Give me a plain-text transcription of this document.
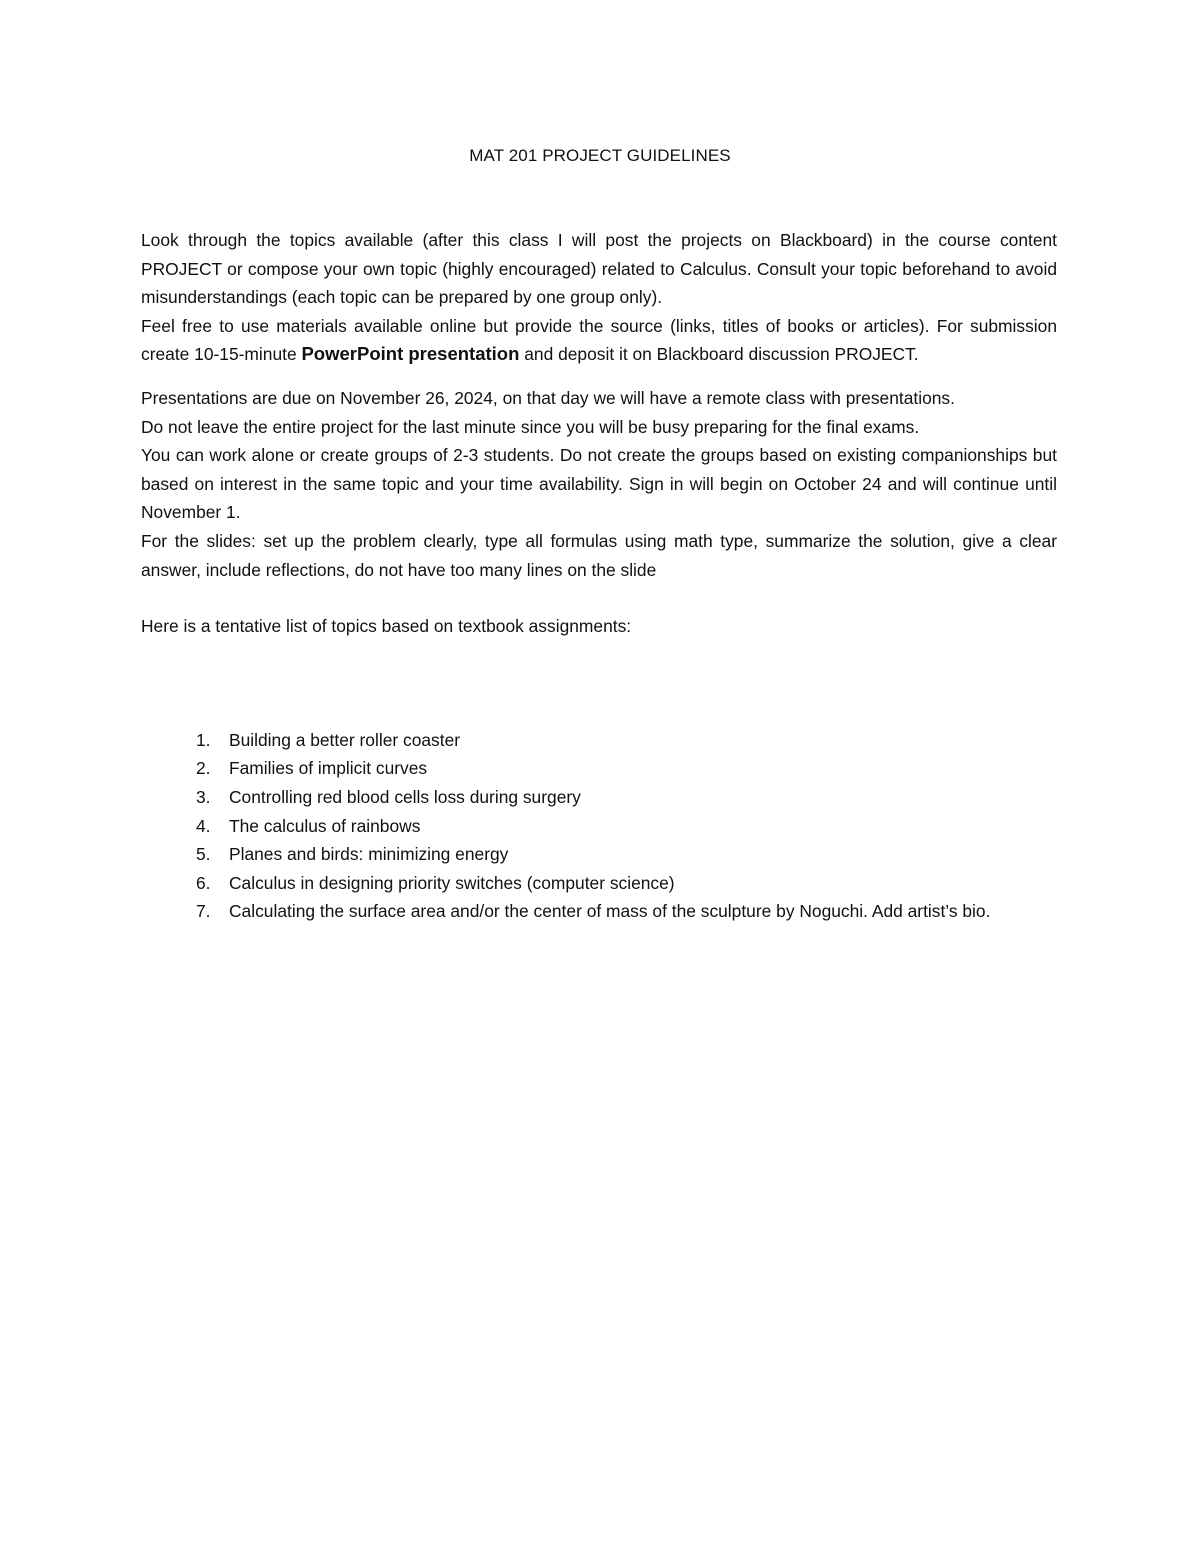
MAT 201 PROJECT GUIDELINES

Look through the topics available (after this class I will post the projects on Blackboard) in the course content PROJECT or compose your own topic (highly encouraged) related to Calculus. Consult your topic beforehand to avoid misunderstandings (each topic can be prepared by one group only).

Feel free to use materials available online but provide the source (links, titles of books or articles). For submission create 10-15-minute PowerPoint presentation and deposit it on Blackboard discussion PROJECT.

Presentations are due on November 26, 2024, on that day we will have a remote class with presentations.

Do not leave the entire project for the last minute since you will be busy preparing for the final exams.

You can work alone or create groups of 2-3 students. Do not create the groups based on existing companionships but based on interest in the same topic and your time availability. Sign in will begin on October 24 and will continue until November 1.

For the slides: set up the problem clearly, type all formulas using math type, summarize the solution, give a clear answer, include reflections, do not have too many lines on the slide

Here is a tentative list of topics based on textbook assignments:

1. Building a better roller coaster
2. Families of implicit curves
3. Controlling red blood cells loss during surgery
4. The calculus of rainbows
5. Planes and birds: minimizing energy
6. Calculus in designing priority switches (computer science)
7. Calculating the surface area and/or the center of mass of the sculpture by Noguchi. Add artist’s bio.
